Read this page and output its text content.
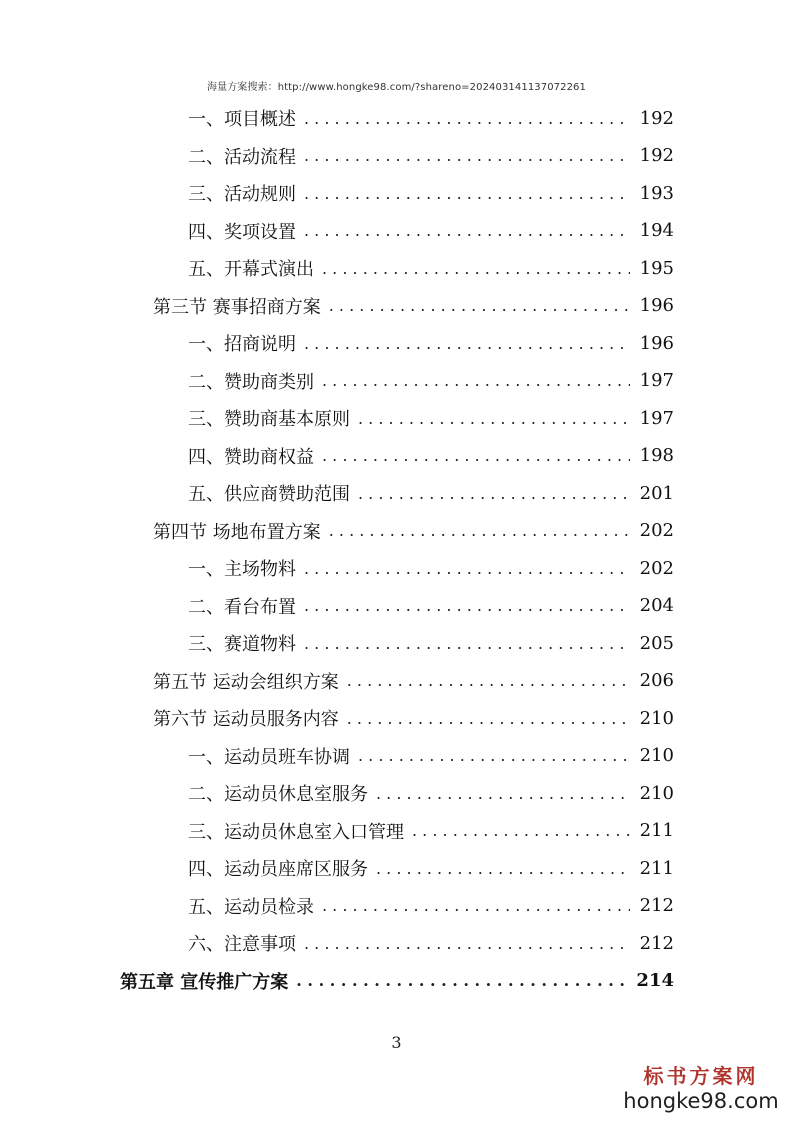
海量方案搜索：http://www.hongke98.com/?shareno=202403141137072261
一、项目概述 . . .	192
二、活动流程 . . .	192
三、活动规则 . . .	193
四、奖项设置 . . .	194
五、开幕式演出 . . .	195
第三节 赛事招商方案 . . .	196
一、招商说明 . . .	196
二、赞助商类别 . . .	197
三、赞助商基本原则 . . .	197
四、赞助商权益 . . .	198
五、供应商赞助范围 . . .	201
第四节 场地布置方案 . . .	202
一、主场物料 . . .	202
二、看台布置 . . .	204
三、赛道物料 . . .	205
第五节 运动会组织方案 . . .	206
第六节 运动员服务内容 . . .	210
一、运动员班车协调 . . .	210
二、运动员休息室服务 . . .	210
三、运动员休息室入口管理 . . .	211
四、运动员座席区服务 . . .	211
五、运动员检录 . . .	212
六、注意事项 . . .	212
第五章 宣传推广方案 . . .	214
3
标书方案网
hongke98.com
